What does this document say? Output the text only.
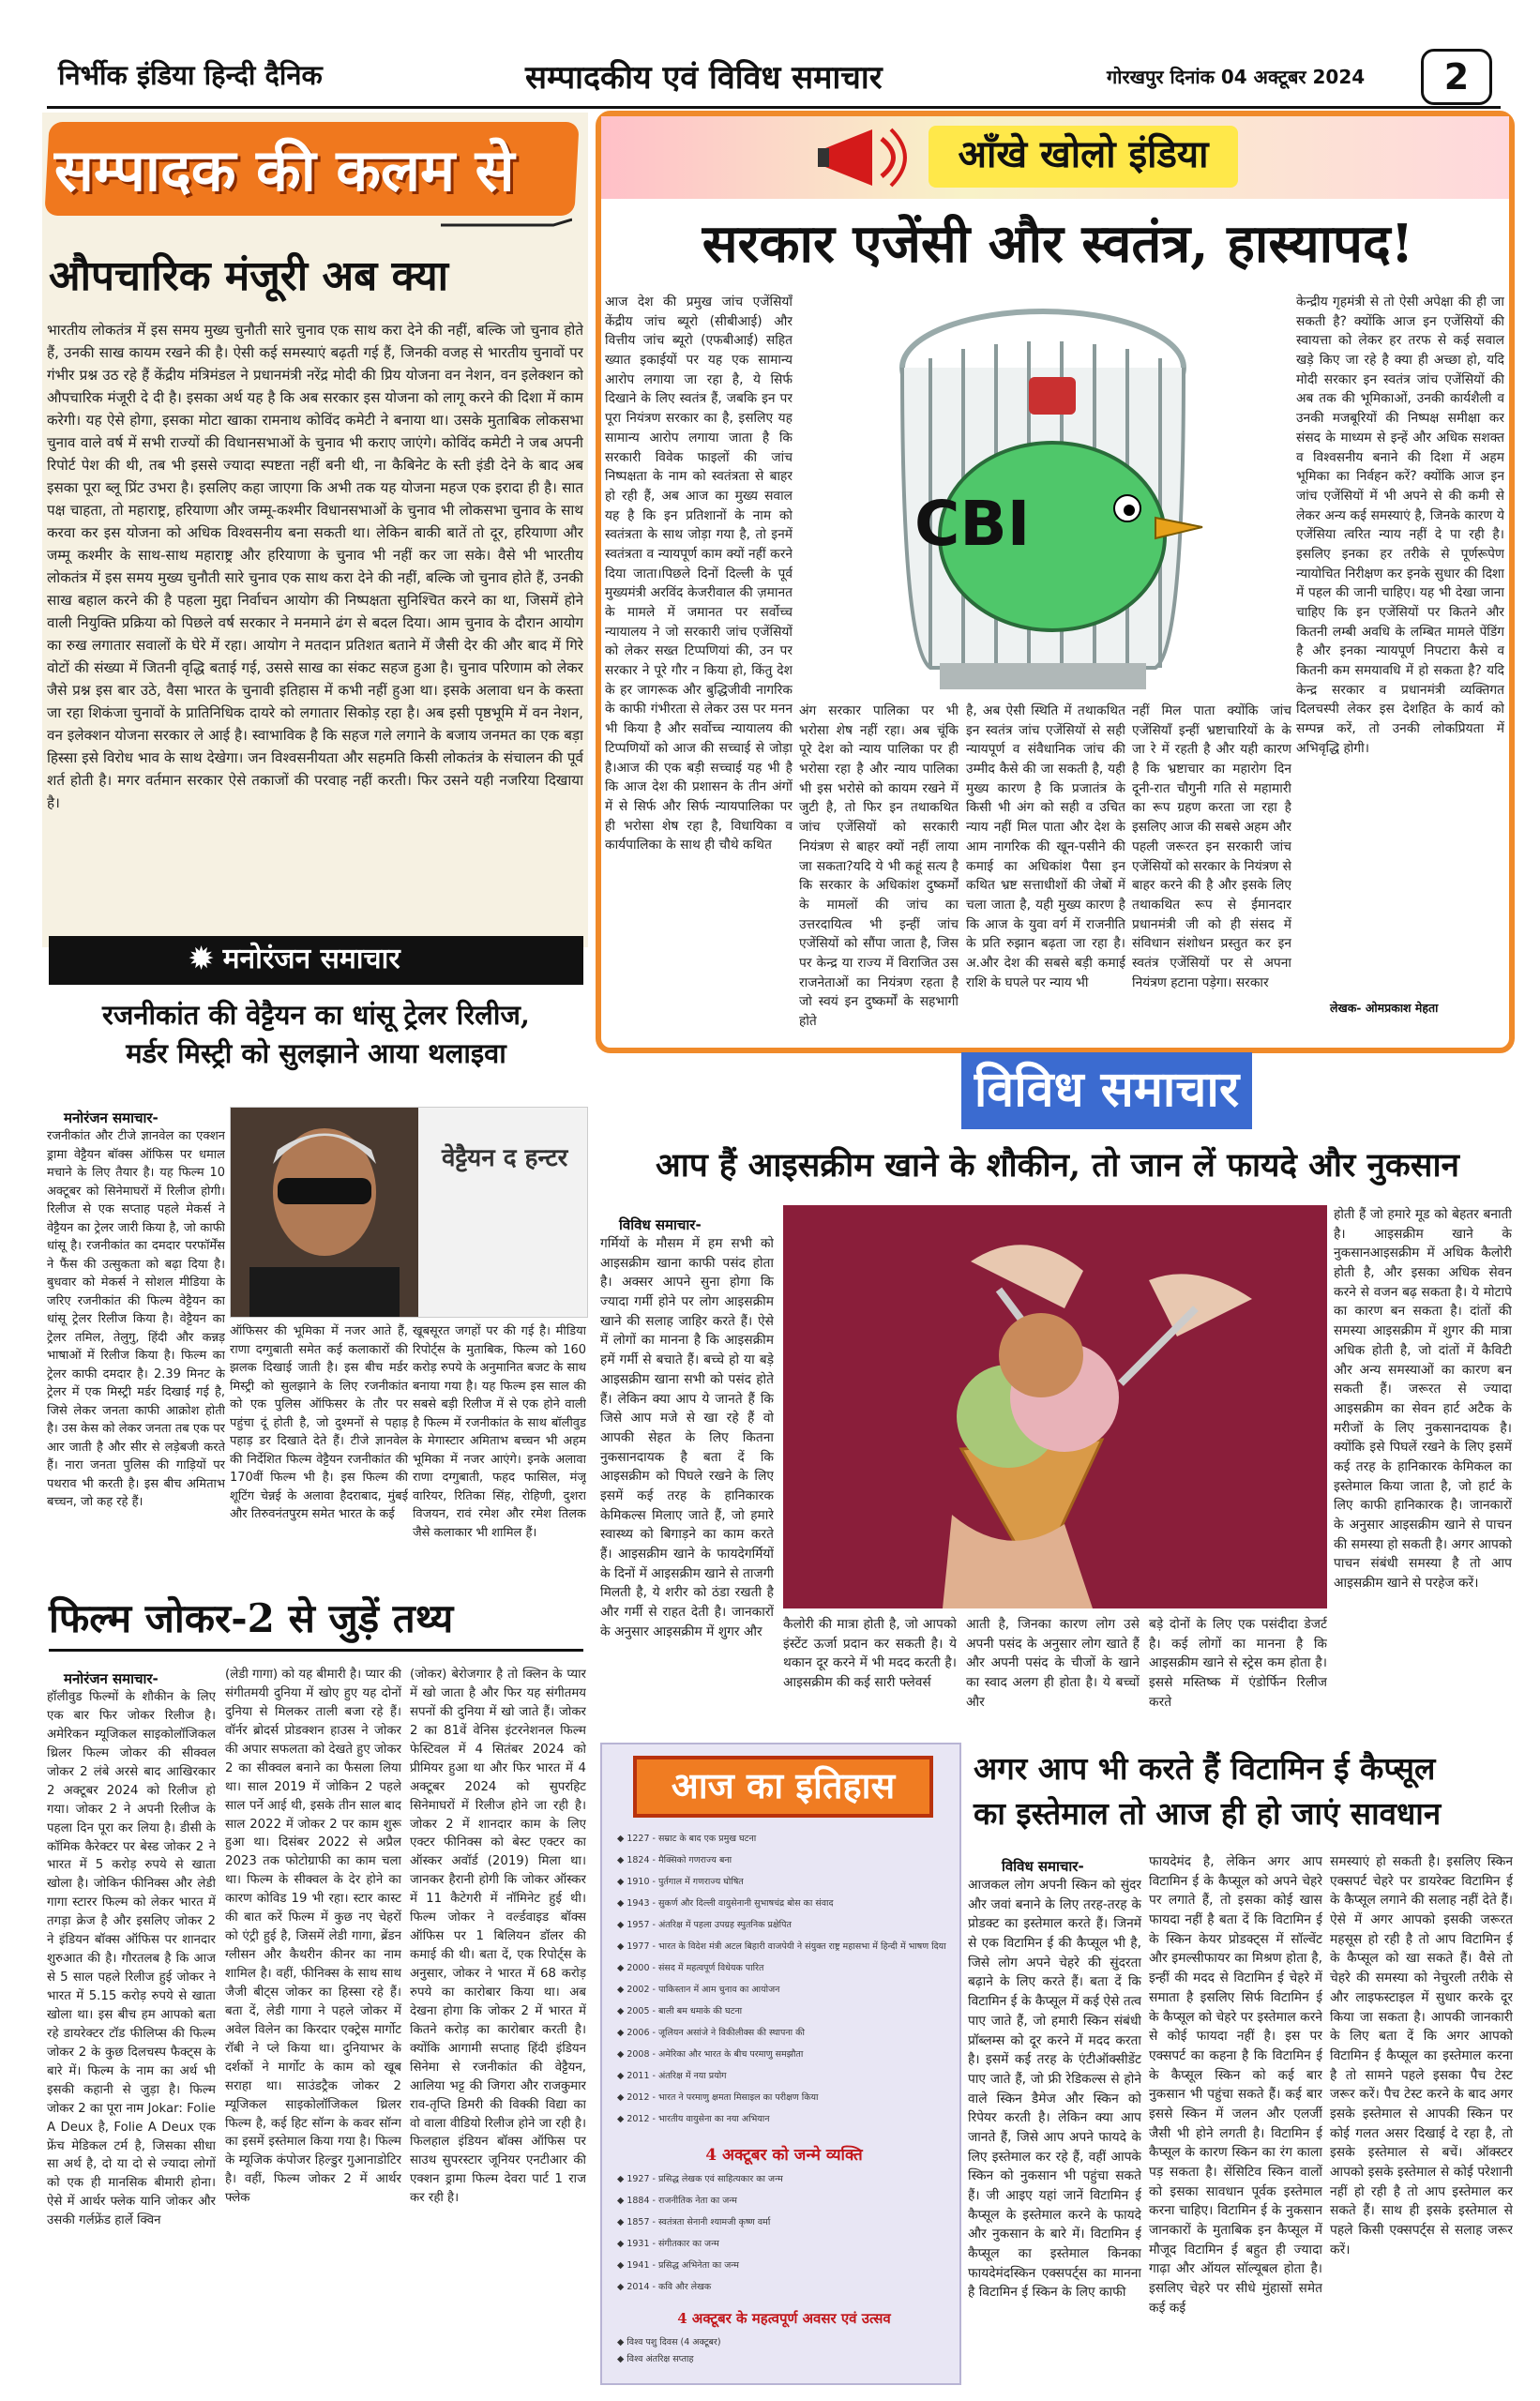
निर्भीक इंडिया हिन्दी दैनिक	सम्पादकीय एवं विविध समाचार	गोरखपुर दिनांक 04 अक्टूबर 2024	2
सम्पादक की कलम से
औपचारिक मंजूरी अब क्या
भारतीय लोकतंत्र में इस समय मुख्य चुनौती सारे चुनाव एक साथ करा देने की नहीं, बल्कि जो चुनाव होते हैं, उनकी साख कायम रखने की है। ऐसी कई समस्याएं बढ़ती गई हैं, जिनकी वजह से भारतीय चुनावों पर गंभीर प्रश्न उठ रहे हैं केंद्रीय मंत्रिमंडल ने प्रधानमंत्री नरेंद्र मोदी की प्रिय योजना वन नेशन, वन इलेक्शन को औपचारिक मंजूरी दे दी है। इसका अर्थ यह है कि अब सरकार इस योजना को लागू करने की दिशा में काम करेगी। यह ऐसे होगा, इसका मोटा खाका रामनाथ कोविंद कमेटी ने बनाया था। उसके मुताबिक लोकसभा चुनाव वाले वर्ष में सभी राज्यों की विधानसभाओं के चुनाव भी कराए जाएंगे। कोविंद कमेटी ने जब अपनी रिपोर्ट पेश की थी, तब भी इससे ज्यादा स्पष्टता नहीं बनी थी, ना कैबिनेट के स्ती इंडी देने के बाद अब इसका पूरा ब्लू प्रिंट उभरा है। इसलिए कहा जाएगा कि अभी तक यह योजना महज एक इरादा ही है। सात पक्ष चाहता, तो महाराष्ट्र, हरियाणा और जम्मू-कश्मीर विधानसभाओं के चुनाव भी लोकसभा चुनाव के साथ करवा कर इस योजना को अधिक विश्वसनीय बना सकती था। लेकिन बाकी बातें तो दूर, हरियाणा और जम्मू कश्मीर के साथ-साथ महाराष्ट्र और हरियाणा के चुनाव भी नहीं कर जा सके। वैसे भी भारतीय लोकतंत्र में इस समय मुख्य चुनौती सारे चुनाव एक साथ करा देने की नहीं, बल्कि जो चुनाव होते हैं, उनकी साख बहाल करने की है पहला मुद्दा निर्वाचन आयोग की निष्पक्षता सुनिश्चित करने का था, जिसमें होने वाली नियुक्ति प्रक्रिया को पिछले वर्ष सरकार ने मनमाने ढंग से बदल दिया। आम चुनाव के दौरान आयोग का रुख लगातार सवालों के घेरे में रहा। आयोग ने मतदान प्रतिशत बताने में जैसी देर की और बाद में गिरे वोटों की संख्या में जितनी वृद्धि बताई गई, उससे साख का संकट सहज हुआ है। चुनाव परिणाम को लेकर जैसे प्रश्न इस बार उठे, वैसा भारत के चुनावी इतिहास में कभी नहीं हुआ था। इसके अलावा धन के कस्ता जा रहा शिकंजा चुनावों के प्रातिनिधिक दायरे को लगातार सिकोड़ रहा है। अब इसी पृष्ठभूमि में वन नेशन, वन इलेक्शन योजना सरकार ले आई है। स्वाभाविक है कि सहज गले लगाने के बजाय जनमत का एक बड़ा हिस्सा इसे विरोध भाव के साथ देखेगा। जन विश्वसनीयता और सहमति किसी लोकतंत्र के संचालन की पूर्व शर्त होती है। मगर वर्तमान सरकार ऐसे तकाजों की परवाह नहीं करती। फिर उसने यही नजरिया दिखाया है।
✹ मनोरंजन समाचार
रजनीकांत की वेट्टैयन का धांसू ट्रेलर रिलीज,
मर्डर मिस्ट्री को सुलझाने आया थलाइवा
मनोरंजन समाचार-
रजनीकांत और टीजे ज्ञानवेल का एक्शन ड्रामा वेट्टैयन बॉक्स ऑफिस पर धमाल मचाने के लिए तैयार है। यह फिल्म 10 अक्टूबर को सिनेमाघरों में रिलीज होगी। रिलीज से एक सप्ताह पहले मेकर्स ने वेट्टैयन का ट्रेलर जारी किया है, जो काफी धांसू है। रजनीकांत का दमदार परफॉर्मेंस ने फैंस की उत्सुकता को बढ़ा दिया है। बुधवार को मेकर्स ने सोशल मीडिया के जरिए रजनीकांत की फिल्म वेट्टैयन का धांसू ट्रेलर रिलीज किया है। वेट्टैयन का ट्रेलर तमिल, तेलुगु, हिंदी और कन्नड़ भाषाओं में रिलीज किया है। फिल्म का ट्रेलर काफी दमदार है। 2.39 मिनट के ट्रेलर में एक मिस्ट्री मर्डर दिखाई गई है, जिसे लेकर जनता काफी आक्रोश होती है। उस केस को लेकर जनता तब एक पर आर जाती है और सीर से लड़ेबजी करते हैं। नारा जनता पुलिस की गाड़ियों पर पथराव भी करती है। इस बीच अमिताभ बच्चन, जो कह रहे हैं।
वेट्टैयन द हन्टर
ऑफिसर की भूमिका में नजर आते हैं, राणा दग्गुबाती समेत कई कलाकारों की झलक दिखाई जाती है। इस बीच मर्डर मिस्ट्री को सुलझाने के लिए रजनीकांत को एक पुलिस ऑफिसर के तौर पर पहुंचा दूं होती है, जो दुश्मनों से पहाड़ पहाड़ डर दिखाते देते हैं। टीजे ज्ञानवेल की निर्देशित फिल्म वेट्टैयन रजनीकांत की 170वीं फिल्म भी है। इस फिल्म की शूटिंग चेन्नई के अलावा हैदराबाद, मुंबई और तिरुवनंतपुरम समेत भारत के कई
खूबसूरत जगहों पर की गई है। मीडिया रिपोर्ट्स के मुताबिक, फिल्म को 160 करोड़ रुपये के अनुमानित बजट के साथ बनाया गया है। यह फिल्म इस साल की सबसे बड़ी रिलीज में से एक होने वाली है फिल्म में रजनीकांत के साथ बॉलीवुड के मेगास्टार अमिताभ बच्चन भी अहम भूमिका में नजर आएंगे। इनके अलावा राणा दग्गुबाती, फहद फासिल, मंजू वारियर, रितिका सिंह, रोहिणी, दुशरा विजयन, रावं रमेश और रमेश तिलक जैसे कलाकार भी शामिल हैं।
फिल्म जोकर-2 से जुड़ें तथ्य
मनोरंजन समाचार-
हॉलीवुड फिल्मों के शौकीन के लिए एक बार फिर जोकर रिलीज है। अमेरिकन म्यूजिकल साइकोलॉजिकल थ्रिलर फिल्म जोकर की सीक्वल जोकर 2 लंबे अरसे बाद आखिरकार 2 अक्टूबर 2024 को रिलीज हो गया। जोकर 2 ने अपनी रिलीज के पहला दिन पूरा कर लिया है। डीसी के कॉमिक कैरेक्टर पर बेस्ड जोकर 2 ने भारत में 5 करोड़ रुपये से खाता खोला है। जोकिन फीनिक्स और लेडी गागा स्टारर फिल्म को लेकर भारत में तगड़ा क्रेज है और इसलिए जोकर 2 ने इंडियन बॉक्स ऑफिस पर शानदार शुरुआत की है। गौरतलब है कि आज से 5 साल पहले रिलीज हुई जोकर ने भारत में 5.15 करोड़ रुपये से खाता खोला था। इस बीच हम आपको बता रहे डायरेक्टर टॉड फीलिप्स की फिल्म जोकर 2 के कुछ दिलचस्प फैक्ट्स के बारे में। फिल्म के नाम का अर्थ भी इसकी कहानी से जुड़ा है। फिल्म जोकर 2 का पूरा नाम Jokar: Folie A Deux है, Folie A Deux एक फ्रेंच मेडिकल टर्म है, जिसका सीधा सा अर्थ है, दो या दो से ज्यादा लोगों को एक ही मानसिक बीमारी होना। ऐसे में आर्थर फ्लेक यानि जोकर और उसकी गर्लफ्रेंड हार्ले क्विन
(लेडी गागा) को यह बीमारी है। प्यार की संगीतमयी दुनिया में खोए हुए यह दोनों दुनिया से मिलकर ताली बजा रहे हैं। वॉर्नर ब्रोदर्स प्रोडक्शन हाउस ने जोकर की अपार सफलता को देखते हुए जोकर 2 का सीक्वल बनाने का फैसला लिया था। साल 2019 में जोकिन 2 पहले साल पर्ने आई थी, इसके तीन साल बाद साल 2022 में जोकर 2 पर काम शुरू हुआ था। दिसंबर 2022 से अप्रैल 2023 तक फोटोग्राफी का काम चला था। फिल्म के सीक्वल के देर होने का कारण कोविड 19 भी रहा। स्टार कास्ट की बात करें फिल्म में कुछ नए चेहरों को एंट्री हुई है, जिसमें लेडी गागा, ब्रेंडन ग्लीसन और कैथरीन कीनर का नाम शामिल है। वहीं, फीनिक्स के साथ साथ जैजी बीट्स जोकर का हिस्सा रहे हैं। बता दें, लेडी गागा ने पहले जोकर में अवेल विलेन का किरदार एक्ट्रेस मार्गोट रॉबी ने प्ले किया था। दुनियाभर के दर्शकों ने मार्गोट के काम को खूब सराहा था। साउंडट्रैक जोकर 2 म्यूजिकल साइकोलॉजिकल थ्रिलर फिल्म है, कई हिट सॉन्ग के कवर सॉन्ग का इसमें इस्तेमाल किया गया है। फिल्म के म्यूजिक कंपोजर हिल्डुर गुआनाडोटिर है। वहीं, फिल्म जोकर 2 में आर्थर फ्लेक
(जोकर) बेरोजगार है तो क्लिन के प्यार में खो जाता है और फिर यह संगीतमय सपनों की दुनिया में खो जाते हैं। जोकर 2 का 81वें वेनिस इंटरनेशनल फिल्म फेस्टिवल में 4 सितंबर 2024 को प्रीमियर हुआ था और फिर भारत में 4 अक्टूबर 2024 को सुपरहिट सिनेमाघरों में रिलीज होने जा रही है। जोकर 2 में शानदार काम के लिए एक्टर फीनिक्स को बेस्ट एक्टर का ऑस्कर अवॉर्ड (2019) मिला था। जानकर हैरानी होगी कि जोकर ऑस्कर में 11 कैटेगरी में नॉमिनेट हुई थी। फिल्म जोकर ने वर्ल्डवाइड बॉक्स ऑफिस पर 1 बिलियन डॉलर की कमाई की थी। बता दें, एक रिपोर्ट्स के अनुसार, जोकर ने भारत में 68 करोड़ रुपये का कारोबार किया था। अब देखना होगा कि जोकर 2 में भारत में कितने करोड़ का कारोबार करती है। क्योंकि आगामी सप्ताह हिंदी इंडियन सिनेमा से रजनीकांत की वेट्टैयन, आलिया भट्ट की जिगरा और राजकुमार राव-तृप्ति डिमरी की विक्की विद्या का वो वाला वीडियो रिलीज होने जा रही है। फिलहाल इंडियन बॉक्स ऑफिस पर साउथ सुपरस्टार जूनियर एनटीआर की एक्शन ड्रामा फिल्म देवरा पार्ट 1 राज कर रही है।
आँखे खोलो इंडिया
सरकार एजेंसी और स्वतंत्र, हास्यापद!
आज देश की प्रमुख जांच एजेंसियाँ केंद्रीय जांच ब्यूरो (सीबीआई) और वित्तीय जांच ब्यूरो (एफबीआई) सहित ख्यात इकाईयों पर यह एक सामान्य आरोप लगाया जा रहा है, ये सिर्फ दिखाने के लिए स्वतंत्र हैं, जबकि इन पर पूरा नियंत्रण सरकार का है, इसलिए यह सामान्य आरोप लगाया जाता है कि सरकारी विवेक फाइलों की जांच निष्पक्षता के नाम को स्वतंत्रता से बाहर हो रही हैं, अब आज का मुख्य सवाल यह है कि इन प्रतिशानों के नाम को स्वतंत्रता के साथ जोड़ा गया है, तो इनमें स्वतंत्रता व न्यायपूर्ण काम क्यों नहीं करने दिया जाता।पिछले दिनों दिल्ली के पूर्व मुख्यमंत्री अरविंद केजरीवाल की ज़मानत के मामले में जमानत पर सर्वोच्च न्यायालय ने जो सरकारी जांच एजेंसियों को लेकर सख्त टिप्पणियां की, उन पर सरकार ने पूरे गौर न किया हो, किंतु देश के हर जागरूक और बुद्धिजीवी नागरिक के काफी गंभीरता से लेकर उस पर मनन भी किया है और सर्वोच्च न्यायालय की टिप्पणियों को आज की सच्चाई से जोड़ा है।आज की एक बड़ी सच्चाई यह भी है कि आज देश की प्रशासन के तीन अंगों में से सिर्फ और सिर्फ न्यायपालिका पर ही भरोसा शेष रहा है, विधायिका व कार्यपालिका के साथ ही चौथे कथित
CBI
अंग सरकार पालिका पर भी भरोसा शेष नहीं रहा। अब चूंकि पूरे देश को न्याय पालिका पर ही भरोसा रहा है और न्याय पालिका भी इस भरोसे को कायम रखने में जुटी है, तो फिर इन तथाकथित जांच एजेंसियों को सरकारी नियंत्रण से बाहर क्यों नहीं लाया जा सकता?यदि ये भी कहूं सत्य है कि सरकार के अधिकांश दुष्कर्मों के मामलों की जांच का उत्तरदायित्व भी इन्हीं जांच एजेंसियों को सौंपा जाता है, जिस पर केन्द्र या राज्य में विराजित उस राजनेताओं का नियंत्रण रहता है जो स्वयं इन दुष्कर्मों के सहभागी होते
है, अब ऐसी स्थिति में तथाकथित इन स्वतंत्र जांच एजेंसियों से सही न्यायपूर्ण व संवैधानिक जांच की उम्मीद कैसे की जा सकती है, यही मुख्य कारण है कि प्रजातंत्र के किसी भी अंग को सही व उचित न्याय नहीं मिल पाता और देश के आम नागरिक की खून-पसीने की कमाई का अधिकांश पैसा इन कथित भ्रष्ट सत्ताधीशों की जेबों में चला जाता है, यही मुख्य कारण है कि आज के युवा वर्ग में राजनीति के प्रति रुझान बढ़ता जा रहा है।अ.और देश की सबसे बड़ी कमाई राशि के घपले पर न्याय भी
नहीं मिल पाता क्योंकि जांच एजेंसियाँ इन्हीं भ्रष्टाचारियों के के जा रे में रहती है और यही कारण है कि भ्रष्टाचार का महारोग दिन दूनी-रात चौगुनी गति से महामारी का रूप ग्रहण करता जा रहा है इसलिए आज की सबसे अहम और पहली जरूरत इन सरकारी जांच एजेंसियों को सरकार के नियंत्रण से बाहर करने की है और इसके लिए तथाकथित रूप से ईमानदार प्रधानमंत्री जी को ही संसद में संविधान संशोधन प्रस्तुत कर इन स्वतंत्र एजेंसियों पर से अपना नियंत्रण हटाना पड़ेगा। सरकार
केन्द्रीय गृहमंत्री से तो ऐसी अपेक्षा की ही जा सकती है? क्योंकि आज इन एजेंसियों की स्वायत्ता को लेकर हर तरफ से कई सवाल खड़े किए जा रहे है क्या ही अच्छा हो, यदि मोदी सरकार इन स्वतंत्र जांच एजेंसियों की अब तक की भूमिकाओं, उनकी कार्यशैली व उनकी मजबूरियों की निष्पक्ष समीक्षा कर संसद के माध्यम से इन्हें और अधिक सशक्त व विश्वसनीय बनाने की दिशा में अहम भूमिका का निर्वहन करें? क्योंकि आज इन जांच एजेंसियों में भी अपने से की कमी से लेकर अन्य कई समस्याएं है, जिनके कारण ये एजेंसिया त्वरित न्याय नहीं दे पा रही है। इसलिए इनका हर तरीके से पूर्णरूपेण न्यायोचित निरीक्षण कर इनके सुधार की दिशा में पहल की जानी चाहिए। यह भी देखा जाना चाहिए कि इन एजेंसियों पर कितने और कितनी लम्बी अवधि के लम्बित मामले पेंडिंग है और इनका न्यायपूर्ण निपटारा कैसे व कितनी कम समयावधि में हो सकता है? यदि केन्द्र सरकार व प्रधानमंत्री व्यक्तिगत दिलचस्पी लेकर इस देशहित के कार्य को सम्पन्न करें, तो उनकी लोकप्रियता में अभिवृद्धि होगी।
लेखक- ओमप्रकाश मेहता
विविध समाचार
आप हैं आइसक्रीम खाने के शौकीन, तो जान लें फायदे और नुकसान
विविध समाचार-
गर्मियों के मौसम में हम सभी को आइसक्रीम खाना काफी पसंद होता है। अक्सर आपने सुना होगा कि ज्यादा गर्मी होने पर लोग आइसक्रीम खाने की सलाह जाहिर करते हैं। ऐसे में लोगों का मानना है कि आइसक्रीम हमें गर्मी से बचाते हैं। बच्चे हो या बड़े आइसक्रीम खाना सभी को पसंद होते हैं। लेकिन क्या आप ये जानते हैं कि जिसे आप मजे से खा रहे हैं वो आपकी सेहत के लिए कितना नुकसानदायक है बता दें कि आइसक्रीम को पिघले रखने के लिए इसमें कई तरह के हानिकारक केमिकल्स मिलाए जाते हैं, जो हमारे स्वास्थ्य को बिगाड़ने का काम करते हैं। आइसक्रीम खाने के फायदेगर्मियों के दिनों में आइसक्रीम खाने से ताजगी मिलती है, ये शरीर को ठंडा रखती है और गर्मी से राहत देती है। जानकारों के अनुसार आइसक्रीम में शुगर और	कैलोरी की मात्रा होती है, जो आपको इंस्टेंट ऊर्जा प्रदान कर सकती है। ये थकान दूर करने में भी मदद करती है। आइसक्रीम की कई सारी फ्लेवर्स
आती है, जिनका कारण लोग उसे अपनी पसंद के अनुसार लोग खाते हैं और अपनी पसंद के चीजों के खाने का स्वाद अलग ही होता है। ये बच्चों और
बड़े दोनों के लिए एक पसंदीदा डेजर्ट है। कई लोगों का मानना है कि आइसक्रीम खाने से स्ट्रेस कम होता है। इससे मस्तिष्क में एंडोर्फिन रिलीज करते
होती हैं जो हमारे मूड को बेहतर बनाती है। आइसक्रीम खाने के नुकसानआइसक्रीम में अधिक कैलोरी होती है, और इसका अधिक सेवन करने से वजन बढ़ सकता है। ये मोटापे का कारण बन सकता है। दांतों की समस्या आइसक्रीम में शुगर की मात्रा अधिक होती है, जो दांतों में कैविटी और अन्य समस्याओं का कारण बन सकती हैं। जरूरत से ज्यादा आइसक्रीम का सेवन हार्ट अटैक के मरीजों के लिए नुकसानदायक है। क्योंकि इसे पिघलें रखने के लिए इसमें कई तरह के हानिकारक केमिकल का इस्तेमाल किया जाता है, जो हार्ट के लिए काफी हानिकारक है। जानकारों के अनुसार आइसक्रीम खाने से पाचन की समस्या हो सकती है। अगर आपको पाचन संबंधी समस्या है तो आप आइसक्रीम खाने से परहेज करें।
आज का इतिहास
◆ 1227 - सम्राट के बाद एक प्रमुख घटना
◆ 1824 - मैक्सिको गणराज्य बना
◆ 1910 - पुर्तगाल में गणराज्य घोषित
◆ 1943 - सुकर्ण और दिल्ली वायुसेनानी सुभाषचंद्र बोस का संवाद
◆ 1957 - अंतरिक्ष में पहला उपग्रह स्पुतनिक प्रक्षेपित
◆ 1977 - भारत के विदेश मंत्री अटल बिहारी वाजपेयी ने संयुक्त राष्ट्र महासभा में हिन्दी में भाषण दिया
◆ 2000 - संसद में महत्वपूर्ण विधेयक पारित
◆ 2002 - पाकिस्तान में आम चुनाव का आयोजन
◆ 2005 - बाली बम धमाके की घटना
◆ 2006 - जूलियन असांजे ने विकीलीक्स की स्थापना की
◆ 2008 - अमेरिका और भारत के बीच परमाणु समझौता
◆ 2011 - अंतरिक्ष में नया प्रयोग
◆ 2012 - भारत ने परमाणु क्षमता मिसाइल का परीक्षण किया
◆ 2012 - भारतीय वायुसेना का नया अभियान
4 अक्टूबर को जन्मे व्यक्ति
◆ 1927 - प्रसिद्ध लेखक एवं साहित्यकार का जन्म
◆ 1884 - राजनीतिक नेता का जन्म
◆ 1857 - स्वतंत्रता सेनानी श्यामजी कृष्ण वर्मा
◆ 1931 - संगीतकार का जन्म
◆ 1941 - प्रसिद्ध अभिनेता का जन्म
◆ 2014 - कवि और लेखक
4 अक्टूबर के महत्वपूर्ण अवसर एवं उत्सव
◆ विश्व पशु दिवस (4 अक्टूबर)
◆ विश्व अंतरिक्ष सप्ताह
अगर आप भी करते हैं विटामिन ई कैप्सूल
का इस्तेमाल तो आज ही हो जाएं सावधान
विविध समाचार-
आजकल लोग अपनी स्किन को सुंदर और जवां बनाने के लिए तरह-तरह के प्रोडक्ट का इस्तेमाल करते हैं। जिनमें से एक विटामिन ई की कैप्सूल भी है, जिसे लोग अपने चेहरे की सुंदरता बढ़ाने के लिए करते हैं। बता दें कि विटामिन ई के कैप्सूल में कई ऐसे तत्व पाए जाते हैं, जो हमारी स्किन संबंधी प्रॉब्लम्स को दूर करने में मदद करता है। इसमें कई तरह के एंटीऑक्सीडेंट पाए जाते हैं, जो फ्री रेडिकल्स से होने वाले स्किन डैमेज और स्किन को रिपेयर करती है। लेकिन क्या आप जानते हैं, जिसे आप अपने फायदे के लिए इस्तेमाल कर रहे हैं, वहीं आपके स्किन को नुकसान भी पहुंचा सकते हैं। जी आइए यहां जानें विटामिन ई कैप्सूल के इस्तेमाल करने के फायदे और नुकसान के बारे में। विटामिन ई कैप्सूल का इस्तेमाल किनका फायदेमंदस्किन एक्सपर्ट्स का मानना है विटामिन ई स्किन के लिए काफी
फायदेमंद है, लेकिन अगर आप विटामिन ई के कैप्सूल को अपने चेहरे पर लगाते हैं, तो इसका कोई खास फायदा नहीं है बता दें कि विटामिन ई के स्किन केयर प्रोडक्ट्स में सॉल्वेंट और इमल्सीफायर का मिश्रण होता है, इन्हीं की मदद से विटामिन ई चेहरे में समाता है इसलिए सिर्फ विटामिन ई के कैप्सूल को चेहरे पर इस्तेमाल करने से कोई फायदा नहीं है। इस पर एक्सपर्ट का कहना है कि विटामिन ई के कैप्सूल स्किन को कई बार नुकसान भी पहुंचा सकते हैं। कई बार इससे स्किन में जलन और एलर्जी जैसी भी होने लगती है। विटामिन ई कैप्सूल के कारण स्किन का रंग काला पड़ सकता है। सेंसिटिव स्किन वालों को इसका सावधान पूर्वक इस्तेमाल करना चाहिए। विटामिन ई के नुकसान जानकारों के मुताबिक इन कैप्सूल में मौजूद विटामिन ई बहुत ही ज्यादा गाढ़ा और ऑयल सॉल्यूबल होता है। इसलिए चेहरे पर सीधे मुंहासों समेत कई कई
समस्याएं हो सकती है। इसलिए स्किन एक्सपर्ट चेहरे पर डायरेक्ट विटामिन ई के कैप्सूल लगाने की सलाह नहीं देते हैं। ऐसे में अगर आपको इसकी जरूरत महसूस हो रही है तो आप विटामिन ई के कैप्सूल को खा सकते हैं। वैसे तो चेहरे की समस्या को नेचुरली तरीके से और लाइफस्टाइल में सुधार करके दूर किया जा सकता है। आपकी जानकारी के लिए बता दें कि अगर आपको विटामिन ई कैप्सूल का इस्तेमाल करना है तो सामने पहले इसका पैच टेस्ट जरूर करें। पैच टेस्ट करने के बाद अगर इसके इस्तेमाल से आपकी स्किन पर कोई गलत असर दिखाई दे रहा है, तो इसके इस्तेमाल से बचें। ऑक्स्टर आपको इसके इस्तेमाल से कोई परेशानी नहीं हो रही है तो आप इस्तेमाल कर सकते हैं। साथ ही इसके इस्तेमाल से पहले किसी एक्सपर्ट्स से सलाह जरूर करें।
